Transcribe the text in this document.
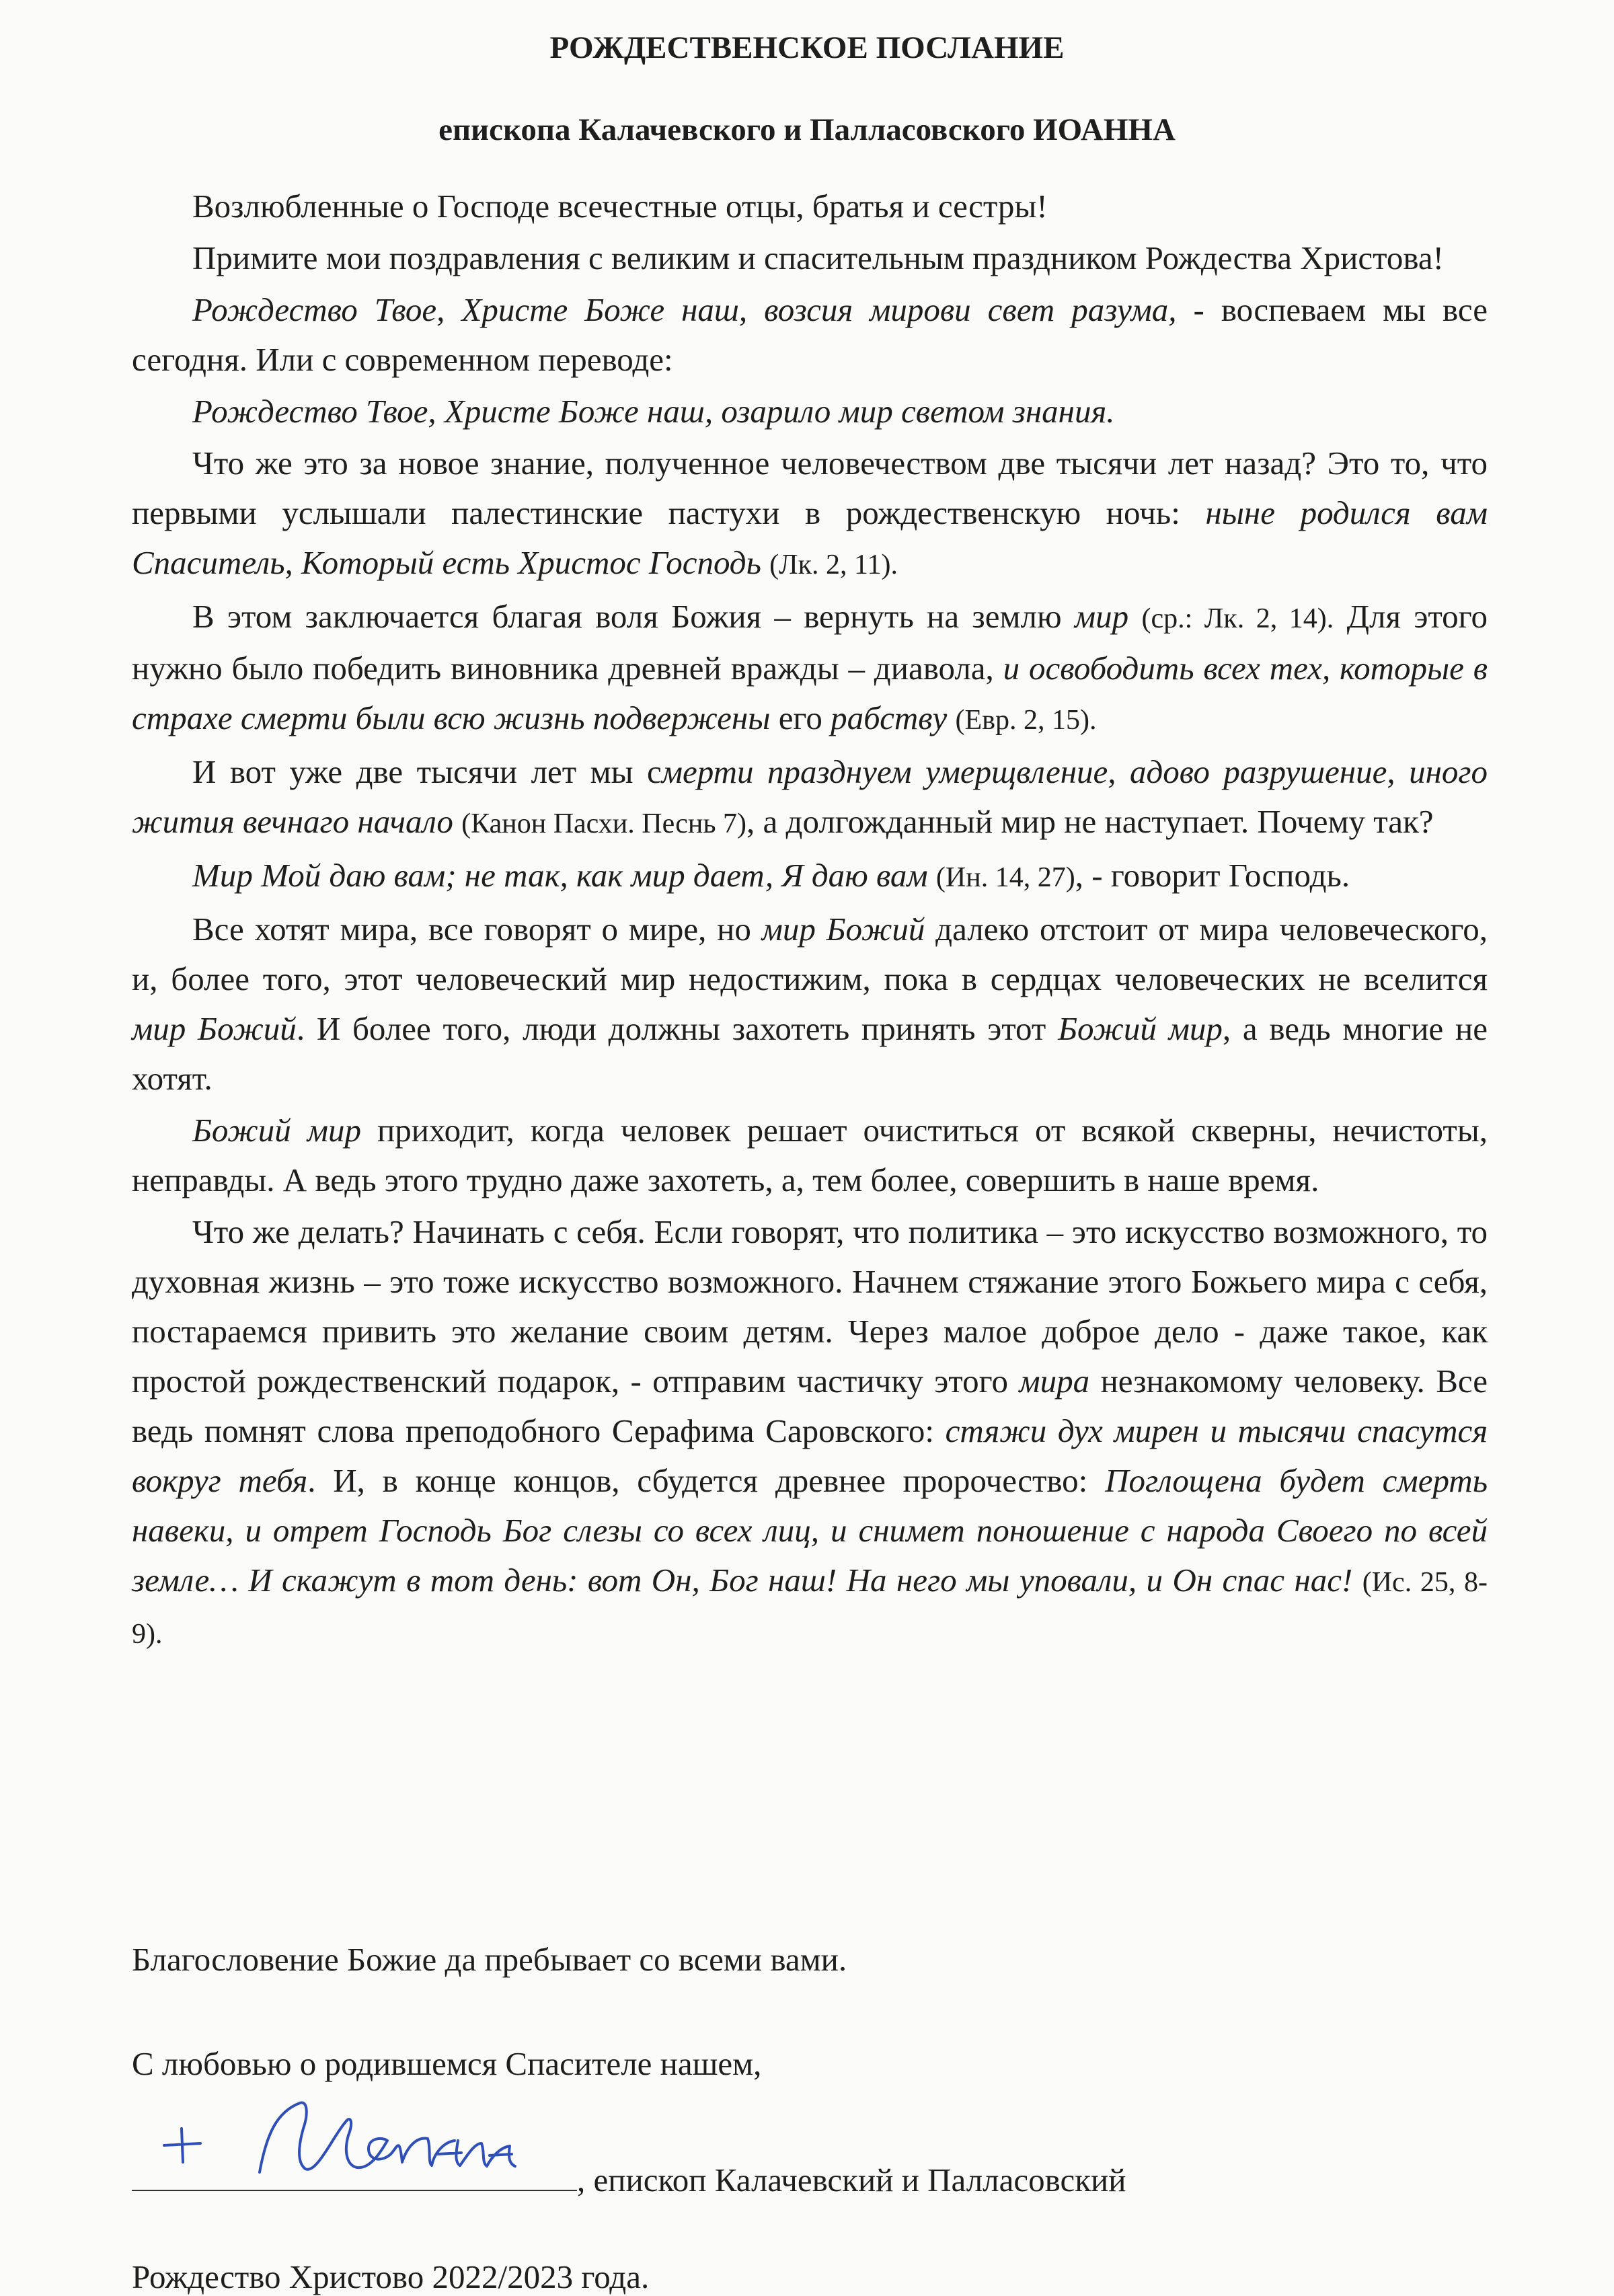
РОЖДЕСТВЕНСКОЕ ПОСЛАНИЕ
епископа Калачевского и Палласовского ИОАННА

Возлюбленные о Господе всечестные отцы, братья и сестры!

Примите мои поздравления с великим и спасительным праздником Рождества Христова!

Рождество Твое, Христе Боже наш, возсия мирови свет разума, - воспеваем мы все сегодня. Или с современном переводе:

Рождество Твое, Христе Боже наш, озарило мир светом знания.

Что же это за новое знание, полученное человечеством две тысячи лет назад? Это то, что первыми услышали палестинские пастухи в рождественскую ночь: ныне родился вам Спаситель, Который есть Христос Господь (Лк. 2, 11).

В этом заключается благая воля Божия – вернуть на землю мир (ср.: Лк. 2, 14). Для этого нужно было победить виновника древней вражды – диавола, и освободить всех тех, которые в страхе смерти были всю жизнь подвержены его рабству (Евр. 2, 15).

И вот уже две тысячи лет мы смерти празднуем умерщвление, адово разрушение, иного жития вечнаго начало (Канон Пасхи. Песнь 7), а долгожданный мир не наступает. Почему так?

Мир Мой даю вам; не так, как мир дает, Я даю вам (Ин. 14, 27), - говорит Господь.

Все хотят мира, все говорят о мире, но мир Божий далеко отстоит от мира человеческого, и, более того, этот человеческий мир недостижим, пока в сердцах человеческих не вселится мир Божий. И более того, люди должны захотеть принять этот Божий мир, а ведь многие не хотят.

Божий мир приходит, когда человек решает очиститься от всякой скверны, нечистоты, неправды. А ведь этого трудно даже захотеть, а, тем более, совершить в наше время.

Что же делать? Начинать с себя. Если говорят, что политика – это искусство возможного, то духовная жизнь – это тоже искусство возможного. Начнем стяжание этого Божьего мира с себя, постараемся привить это желание своим детям. Через малое доброе дело - даже такое, как простой рождественский подарок, - отправим частичку этого мира незнакомому человеку. Все ведь помнят слова преподобного Серафима Саровского: стяжи дух мирен и тысячи спасутся вокруг тебя. И, в конце концов, сбудется древнее пророчество: Поглощена будет смерть навеки, и отрет Господь Бог слезы со всех лиц, и снимет поношение с народа Своего по всей земле… И скажут в тот день: вот Он, Бог наш! На него мы уповали, и Он спас нас! (Ис. 25, 8-9).

Благословение Божие да пребывает со всеми вами.
С любовью о родившемся Спасителе нашем,
, епископ Калачевский и Палласовский
Рождество Христово 2022/2023 года.
